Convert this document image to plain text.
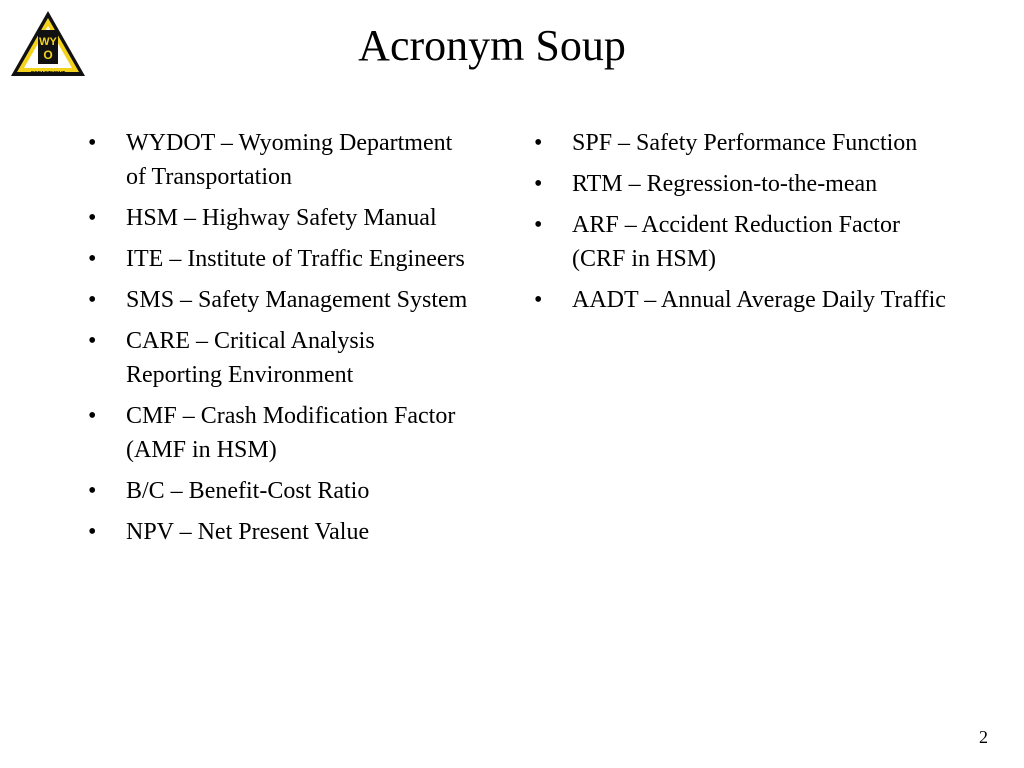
WY
O
DEPARTMENT
Acronym Soup
• WYDOT – Wyoming Department of Transportation
• HSM – Highway Safety Manual
• ITE – Institute of Traffic Engineers
• SMS – Safety Management System
• CARE – Critical Analysis Reporting Environment
• CMF – Crash Modification Factor (AMF in HSM)
• B/C – Benefit-Cost Ratio
• NPV – Net Present Value
• SPF – Safety Performance Function
• RTM – Regression-to-the-mean
• ARF – Accident Reduction Factor (CRF in HSM)
• AADT – Annual Average Daily Traffic
2
